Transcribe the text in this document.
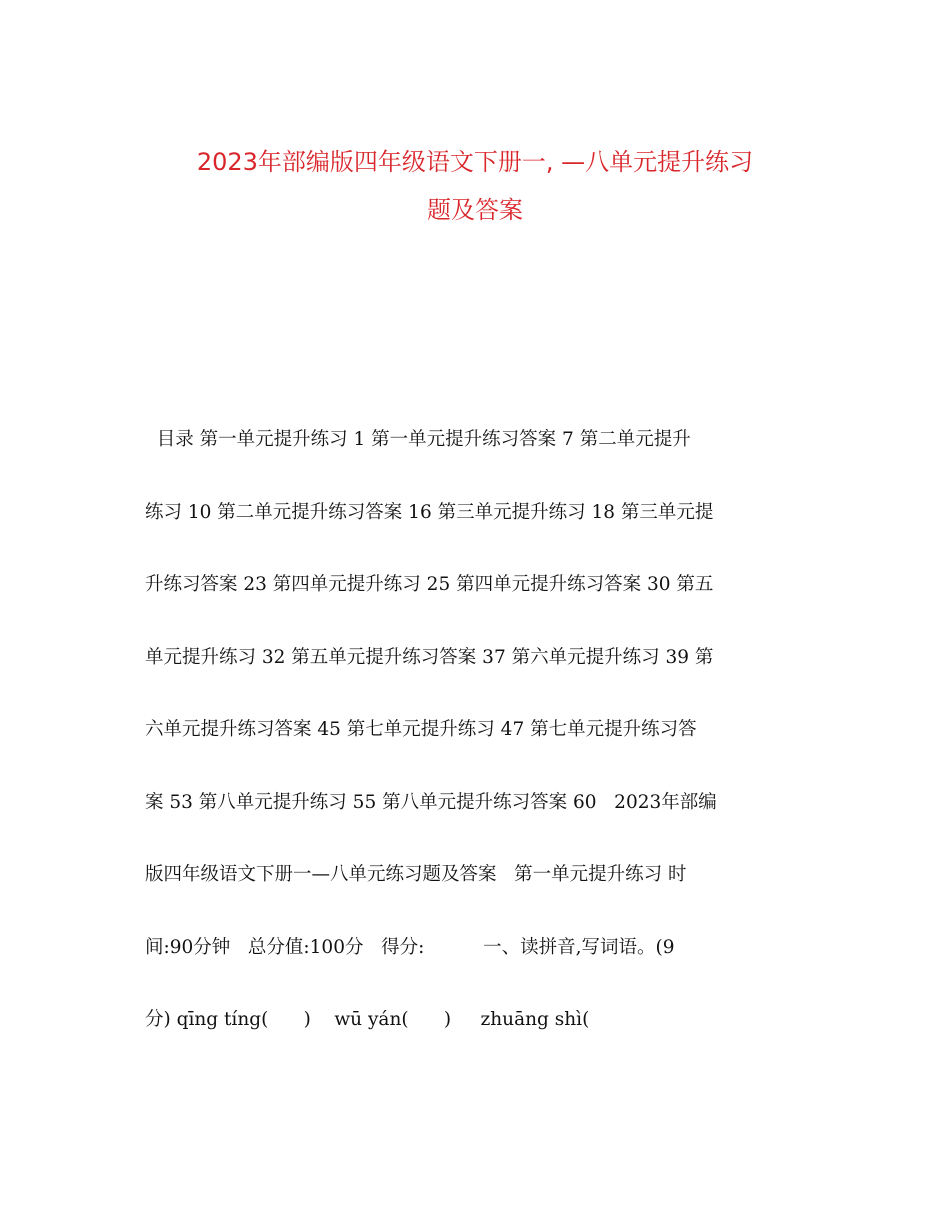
2023年部编版四年级语文下册一, —八单元提升练习
题及答案
目录 第一单元提升练习 1 第一单元提升练习答案 7 第二单元提升
练习 10 第二单元提升练习答案 16 第三单元提升练习 18 第三单元提
升练习答案 23 第四单元提升练习 25 第四单元提升练习答案 30 第五
单元提升练习 32 第五单元提升练习答案 37 第六单元提升练习 39 第
六单元提升练习答案 45 第七单元提升练习 47 第七单元提升练习答
案 53 第八单元提升练习 55 第八单元提升练习答案 60   2023年部编
版四年级语文下册一—八单元练习题及答案   第一单元提升练习 时
间:90分钟   总分值:100分   得分:          一、读拼音,写词语。(9
分) qīng tíng(      )    wū yán(      )     zhuāng shì(
